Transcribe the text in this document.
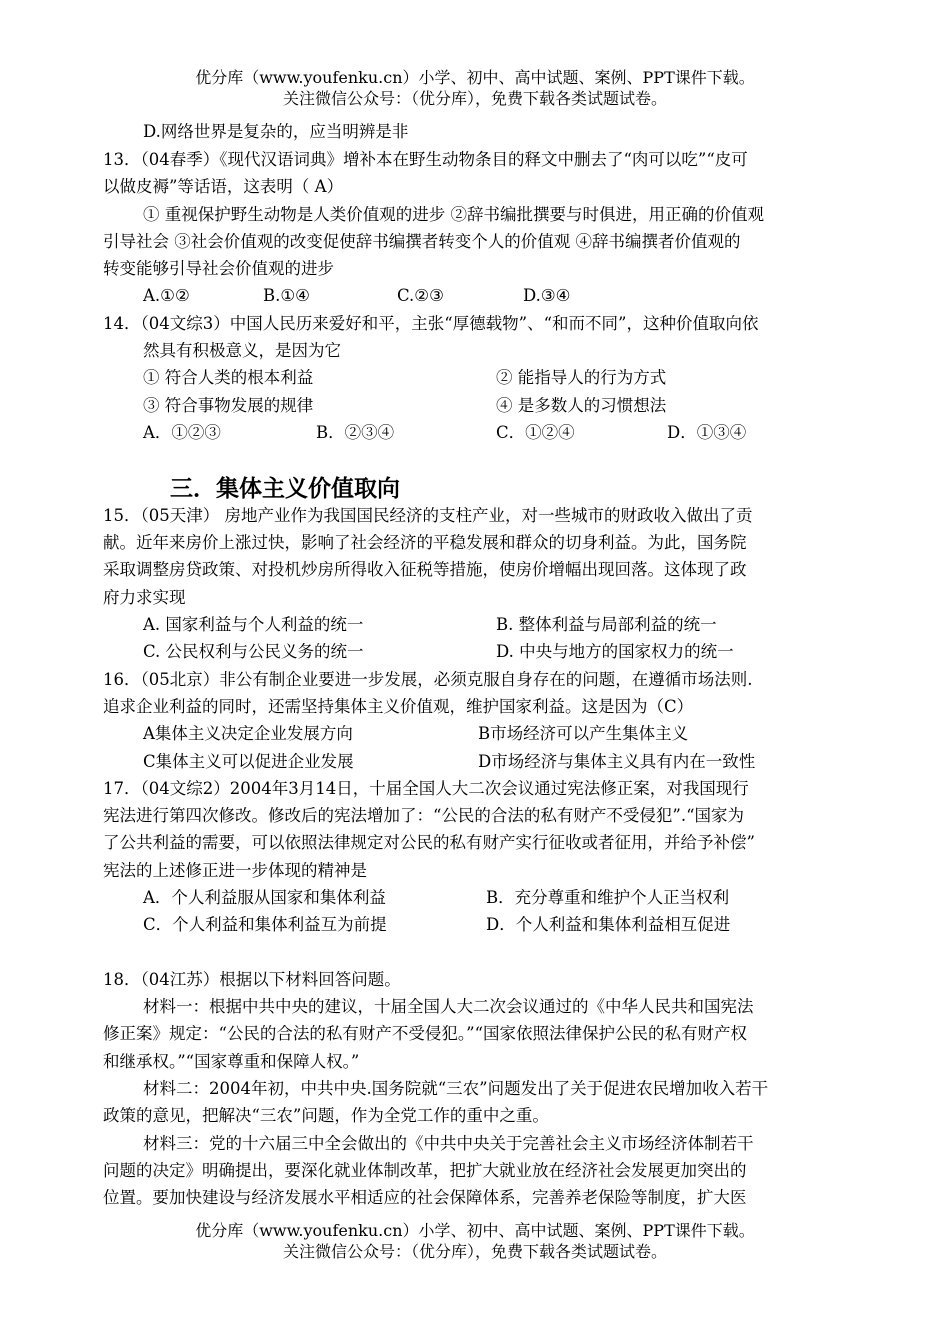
优分库（www.youfenku.cn）小学、初中、高中试题、案例、PPT课件下载。
关注微信公众号：（优分库），免费下载各类试题试卷。
D.网络世界是复杂的，应当明辨是非
13．（04春季）《现代汉语词典》增补本在野生动物条目的释文中删去了“肉可以吃”“皮可
以做皮褥”等话语，这表明（ A）
① 重视保护野生动物是人类价值观的进步 ②辞书编批撰要与时俱进，用正确的价值观
引导社会 ③社会价值观的改变促使辞书编撰者转变个人的价值观 ④辞书编撰者价值观的
转变能够引导社会价值观的进步
A.①②	B.①④	C.②③	D.③④
14．（04文综3）中国人民历来爱好和平，主张“厚德载物”、“和而不同”，这种价值取向依
然具有积极意义，是因为它
① 符合人类的根本利益	② 能指导人的行为方式
③ 符合事物发展的规律	④ 是多数人的习惯想法
A．①②③	B．②③④	C．①②④	D．①③④
三．集体主义价值取向
15．（05天津） 房地产业作为我国国民经济的支柱产业，对一些城市的财政收入做出了贡
献。近年来房价上涨过快，影响了社会经济的平稳发展和群众的切身利益。为此，国务院
采取调整房贷政策、对投机炒房所得收入征税等措施，使房价增幅出现回落。这体现了政
府力求实现
A. 国家利益与个人利益的统一	B. 整体利益与局部利益的统一
C. 公民权利与公民义务的统一	D. 中央与地方的国家权力的统一
16．（05北京）非公有制企业要进一步发展，必须克服自身存在的问题，在遵循市场法则.
追求企业利益的同时，还需坚持集体主义价值观，维护国家利益。这是因为（C）
A集体主义决定企业发展方向	B市场经济可以产生集体主义
C集体主义可以促进企业发展	D市场经济与集体主义具有内在一致性
17．（04文综2）2004年3月14日，十届全国人大二次会议通过宪法修正案，对我国现行
宪法进行第四次修改。修改后的宪法增加了：“公民的合法的私有财产不受侵犯”.“国家为
了公共利益的需要，可以依照法律规定对公民的私有财产实行征收或者征用，并给予补偿”
宪法的上述修正进一步体现的精神是
A．个人利益服从国家和集体利益	B．充分尊重和维护个人正当权利
C．个人利益和集体利益互为前提	D．个人利益和集体利益相互促进
18．（04江苏）根据以下材料回答问题。
材料一：根据中共中央的建议，十届全国人大二次会议通过的《中华人民共和国宪法
修正案》规定：“公民的合法的私有财产不受侵犯。”“国家依照法律保护公民的私有财产权
和继承权。”“国家尊重和保障人权。”
材料二：2004年初，中共中央.国务院就“三农”问题发出了关于促进农民增加收入若干
政策的意见，把解决“三农”问题，作为全党工作的重中之重。
材料三：党的十六届三中全会做出的《中共中央关于完善社会主义市场经济体制若干
问题的决定》明确提出，要深化就业体制改革，把扩大就业放在经济社会发展更加突出的
位置。要加快建设与经济发展水平相适应的社会保障体系，完善养老保险等制度，扩大医
优分库（www.youfenku.cn）小学、初中、高中试题、案例、PPT课件下载。
关注微信公众号：（优分库），免费下载各类试题试卷。
